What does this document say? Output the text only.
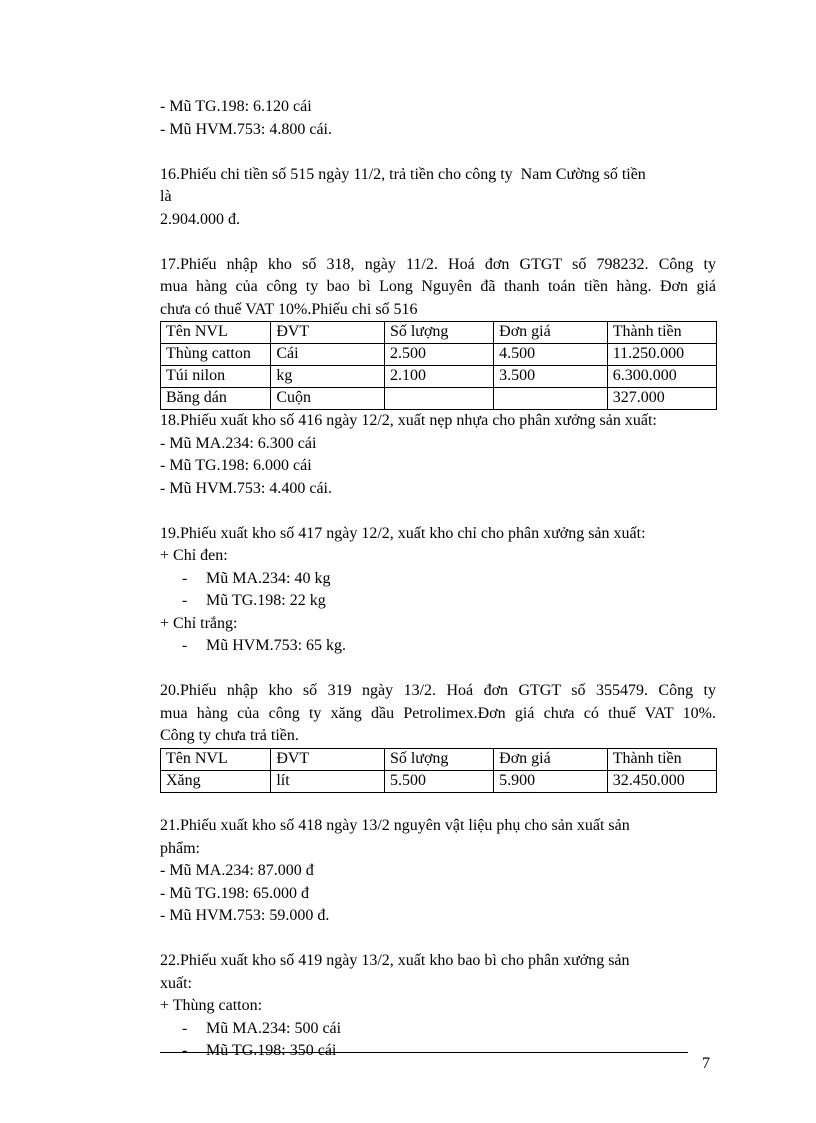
- Mũ TG.198: 6.120 cái
- Mũ HVM.753: 4.800 cái.
16.Phiếu chi tiền số 515 ngày 11/2, trả tiền cho công ty  Nam Cường số tiền
là
2.904.000 đ.
17.Phiếu nhập kho số 318, ngày 11/2. Hoá đơn GTGT số 798232. Công ty
mua hàng của công ty bao bì Long Nguyên đã thanh toán tiền hàng. Đơn giá
chưa có thuế VAT 10%.Phiếu chi số 516
Tên NVL	ĐVT	Số lượng	Đơn giá	Thành tiền
Thùng catton	Cái	2.500	4.500	11.250.000
Túi nilon	kg	2.100	3.500	6.300.000
Băng dán	Cuộn			327.000
18.Phiếu xuất kho số 416 ngày 12/2, xuất nẹp nhựa cho phân xưởng sản xuất:
- Mũ MA.234: 6.300 cái
- Mũ TG.198: 6.000 cái
- Mũ HVM.753: 4.400 cái.
19.Phiếu xuất kho số 417 ngày 12/2, xuất kho chỉ cho phân xưởng sản xuất:
+ Chỉ đen:
- Mũ MA.234: 40 kg
- Mũ TG.198: 22 kg
+ Chỉ trắng:
- Mũ HVM.753: 65 kg.
20.Phiếu nhập kho số 319 ngày 13/2. Hoá đơn GTGT số 355479. Công ty
mua hàng của công ty xăng dầu Petrolimex.Đơn giá chưa có thuế VAT 10%.
Công ty chưa trả tiền.
Tên NVL	ĐVT	Số lượng	Đơn giá	Thành tiền
Xăng	lít	5.500	5.900	32.450.000
21.Phiếu xuất kho số 418 ngày 13/2 nguyên vật liệu phụ cho sản xuất sản
phẩm:
- Mũ MA.234: 87.000 đ
- Mũ TG.198: 65.000 đ
- Mũ HVM.753: 59.000 đ.
22.Phiếu xuất kho số 419 ngày 13/2, xuất kho bao bì cho phân xưởng sản
xuất:
+ Thùng catton:
- Mũ MA.234: 500 cái
- Mũ TG.198: 350 cái
7
